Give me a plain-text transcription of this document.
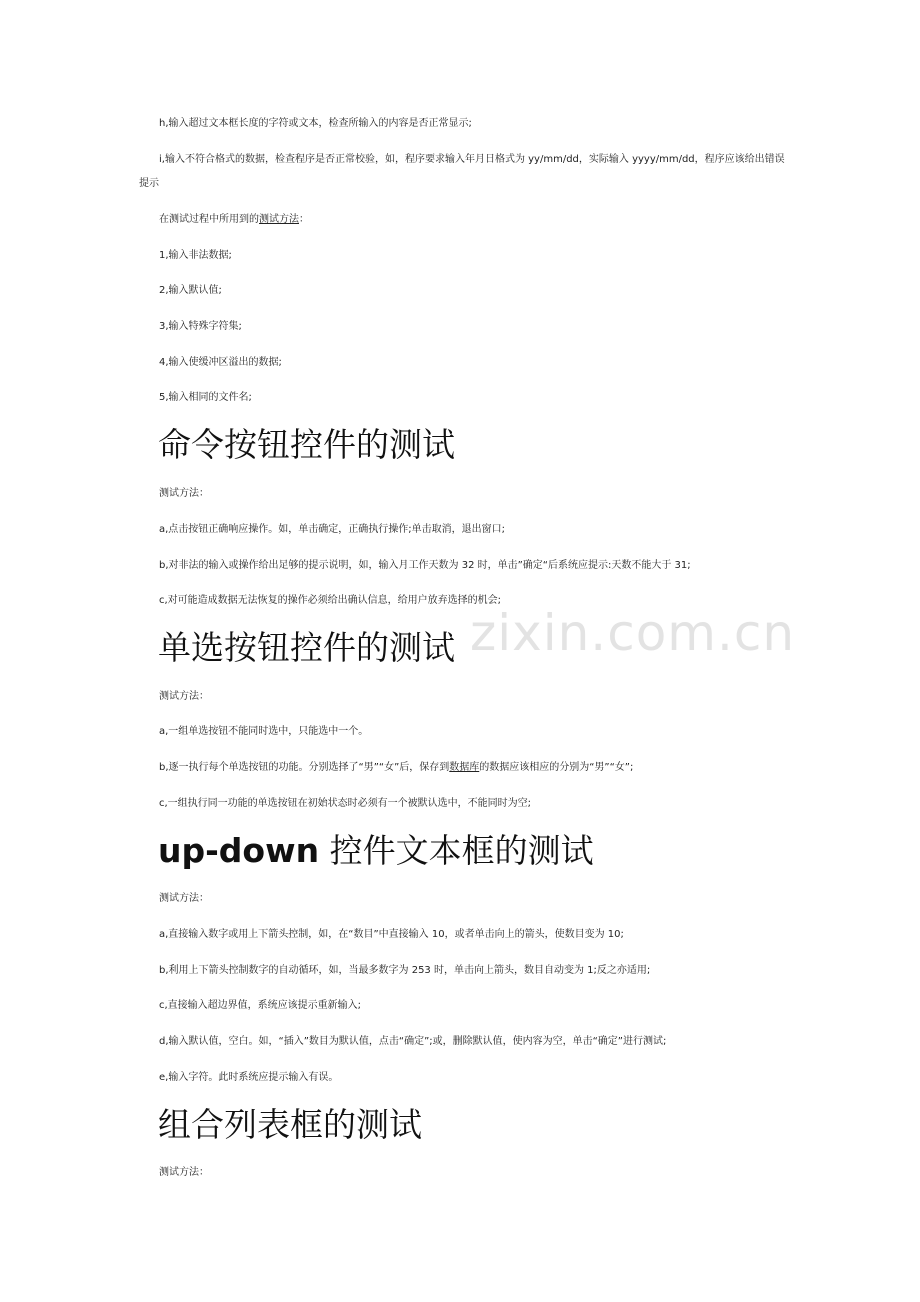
zixin.com.cn
h,输入超过文本框长度的字符或文本，检查所输入的内容是否正常显示;
i,输入不符合格式的数据，检查程序是否正常校验，如，程序要求输入年月日格式为 yy/mm/dd，实际输入 yyyy/mm/dd，程序应该给出错误
提示
在测试过程中所用到的测试方法：
1,输入非法数据;
2,输入默认值;
3,输入特殊字符集;
4,输入使缓冲区溢出的数据;
5,输入相同的文件名;
命令按钮控件的测试
测试方法：
a,点击按钮正确响应操作。如，单击确定，正确执行操作;单击取消，退出窗口;
b,对非法的输入或操作给出足够的提示说明，如，输入月工作天数为 32 时，单击”确定“后系统应提示:天数不能大于 31;
c,对可能造成数据无法恢复的操作必须给出确认信息，给用户放弃选择的机会;
单选按钮控件的测试
测试方法：
a,一组单选按钮不能同时选中，只能选中一个。
b,逐一执行每个单选按钮的功能。分别选择了“男”“女”后，保存到数据库的数据应该相应的分别为“男”“女”;
c,一组执行同一功能的单选按钮在初始状态时必须有一个被默认选中，不能同时为空;
up-down 控件文本框的测试
测试方法：
a,直接输入数字或用上下箭头控制，如，在“数目”中直接输入 10，或者单击向上的箭头，使数目变为 10;
b,利用上下箭头控制数字的自动循环，如，当最多数字为 253 时，单击向上箭头，数目自动变为 1;反之亦适用;
c,直接输入超边界值，系统应该提示重新输入;
d,输入默认值，空白。如，“插入”数目为默认值，点击“确定”;或，删除默认值，使内容为空，单击“确定”进行测试;
e,输入字符。此时系统应提示输入有误。
组合列表框的测试
测试方法：
